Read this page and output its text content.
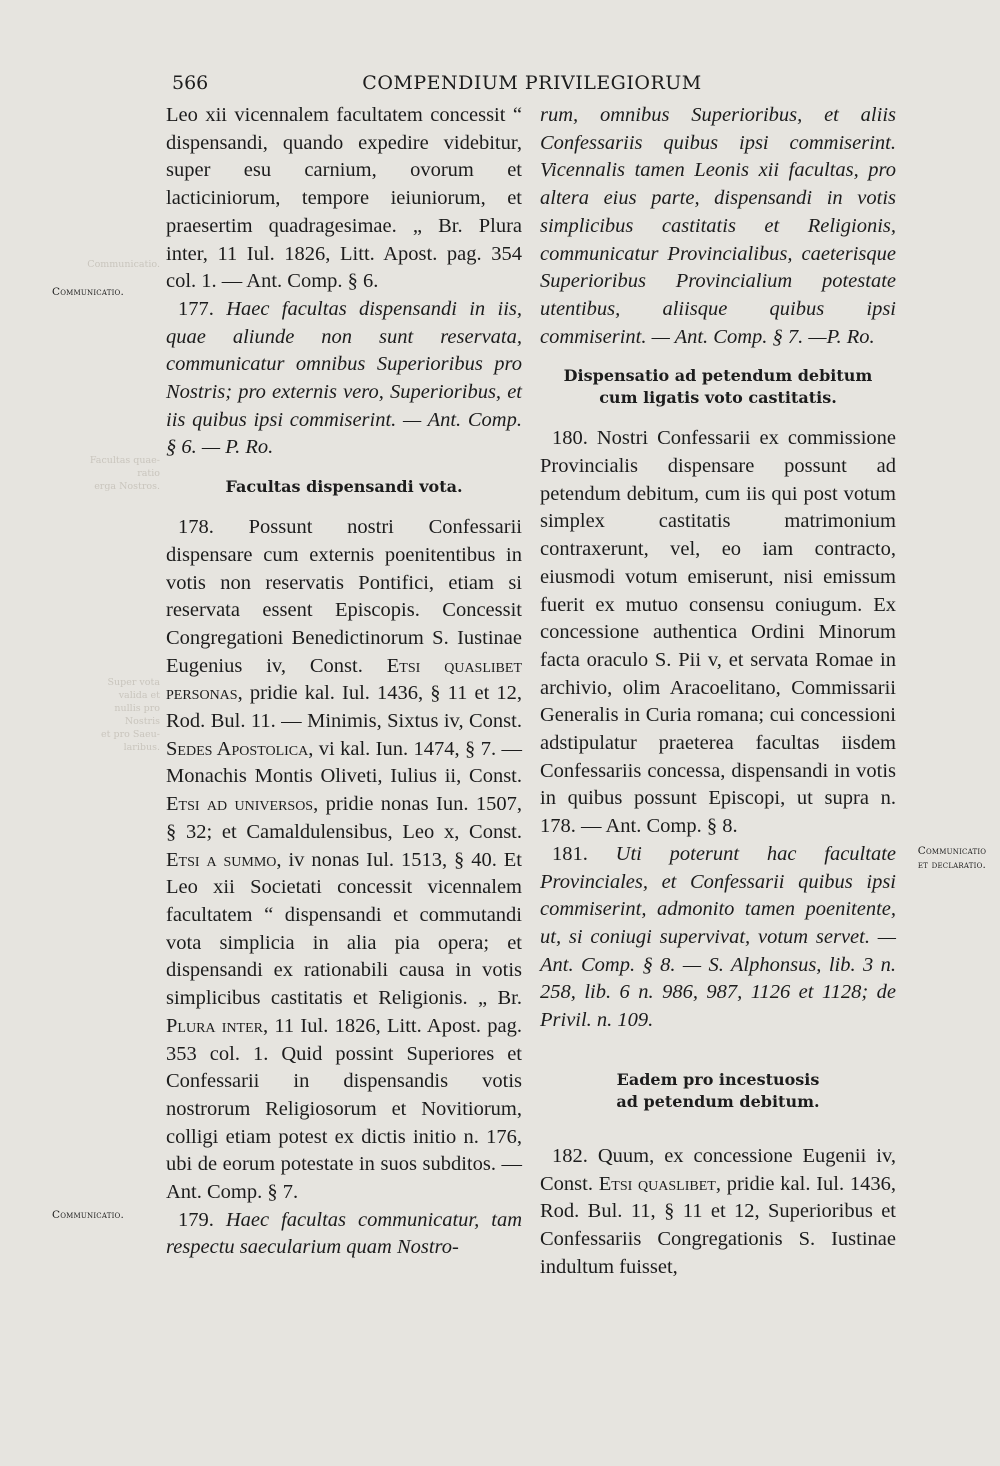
566	COMPENDIUM PRIVILEGIORUM
Communicatio.
Facultas quae-
ratio
erga Nostros.
Super vota
valida et
nullis pro
Nostris
et pro Saeu-
laribus.
Communicatio.
Communicatio.
Communicatio
et declaratio.

Leo xii vicennalem facultatem concessit “ dispensandi, quando expedire videbitur, super esu carnium, ovorum et lacticiniorum, tempore ieiuniorum, et praesertim quadragesimae. „ Br. Plura inter, 11 Iul. 1826, Litt. Apost. pag. 354 col. 1. — Ant. Comp. § 6.

177. Haec facultas dispensandi in iis, quae aliunde non sunt reservata, communicatur omnibus Superioribus pro Nostris; pro externis vero, Superioribus, et iis quibus ipsi commiserint. — Ant. Comp. § 6. — P. Ro.

Facultas dispensandi vota.

178. Possunt nostri Confessarii dispensare cum externis poenitentibus in votis non reservatis Pontifici, etiam si reservata essent Episcopis. Concessit Congregationi Benedictinorum S. Iustinae Eugenius iv, Const. Etsi quaslibet personas, pridie kal. Iul. 1436, § 11 et 12, Rod. Bul. 11. — Minimis, Sixtus iv, Const. Sedes Apostolica, vi kal. Iun. 1474, § 7. — Monachis Montis Oliveti, Iulius ii, Const. Etsi ad universos, pridie nonas Iun. 1507, § 32; et Camaldulensibus, Leo x, Const. Etsi a summo, iv nonas Iul. 1513, § 40. Et Leo xii Societati concessit vicennalem facultatem “ dispensandi et commutandi vota simplicia in alia pia opera; et dispensandi ex rationabili causa in votis simplicibus castitatis et Religionis. „ Br. Plura inter, 11 Iul. 1826, Litt. Apost. pag. 353 col. 1. Quid possint Superiores et Confessarii in dispensandis votis nostrorum Religiosorum et Novitiorum, colligi etiam potest ex dictis initio n. 176, ubi de eorum potestate in suos subditos. — Ant. Comp. § 7.

179. Haec facultas communicatur, tam respectu saecularium quam Nostro-

rum, omnibus Superioribus, et aliis Confessariis quibus ipsi commiserint. Vicennalis tamen Leonis xii facultas, pro altera eius parte, dispensandi in votis simplicibus castitatis et Religionis, communicatur Provincialibus, caeterisque Superioribus Provincialium potestate utentibus, aliisque quibus ipsi commiserint. — Ant. Comp. § 7. —P. Ro.

Dispensatio ad petendum debitum
cum ligatis voto castitatis.

180. Nostri Confessarii ex commissione Provincialis dispensare possunt ad petendum debitum, cum iis qui post votum simplex castitatis matrimonium contraxerunt, vel, eo iam contracto, eiusmodi votum emiserunt, nisi emissum fuerit ex mutuo consensu coniugum. Ex concessione authentica Ordini Minorum facta oraculo S. Pii v, et servata Romae in archivio, olim Aracoelitano, Commissarii Generalis in Curia romana; cui concessioni adstipulatur praeterea facultas iisdem Confessariis concessa, dispensandi in votis in quibus possunt Episcopi, ut supra n. 178. — Ant. Comp. § 8.

181. Uti poterunt hac facultate Provinciales, et Confessarii quibus ipsi commiserint, admonito tamen poenitente, ut, si coniugi supervivat, votum servet. — Ant. Comp. § 8. — S. Alphonsus, lib. 3 n. 258, lib. 6 n. 986, 987, 1126 et 1128; de Privil. n. 109.

Eadem pro incestuosis
ad petendum debitum.

182. Quum, ex concessione Eugenii iv, Const. Etsi quaslibet, pridie kal. Iul. 1436, Rod. Bul. 11, § 11 et 12, Superioribus et Confessariis Congregationis S. Iustinae indultum fuisset,
